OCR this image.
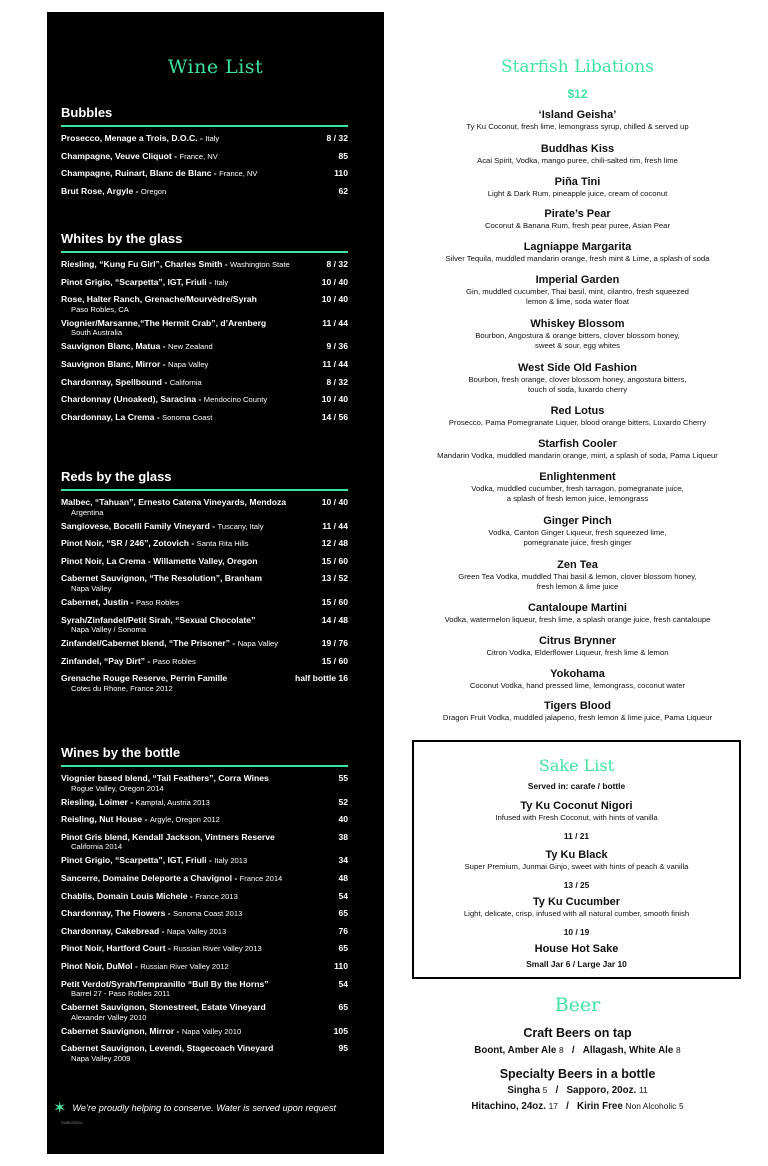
Wine List
Bubbles
Prosecco, Menage a Trois, D.O.C. - Italy	8 / 32
Champagne, Veuve Cliquot - France, NV	85
Champagne, Ruinart, Blanc de Blanc - France, NV	110
Brut Rose, Argyle - Oregon	62
Whites by the glass
Riesling, “Kung Fu Girl”, Charles Smith - Washington State	8 / 32
Pinot Grigio, “Scarpetta”, IGT, Friuli - Italy	10 / 40
Rose, Halter Ranch, Grenache/Mourvèdre/Syrah	10 / 40
Paso Robles, CA
Viognier/Marsanne,“The Hermit Crab”, d’Arenberg	11 / 44
South Australia
Sauvignon Blanc, Matua - New Zealand	9 / 36
Sauvignon Blanc, Mirror - Napa Valley	11 / 44
Chardonnay, Spellbound - California	8 / 32
Chardonnay (Unoaked), Saracina - Mendocino County	10 / 40
Chardonnay, La Crema - Sonoma Coast	14 / 56
Reds by the glass
Malbec, “Tahuan”, Ernesto Catena Vineyards, Mendoza	10 / 40
Argentina
Sangiovese, Bocelli Family Vineyard - Tuscany, Italy	11 / 44
Pinot Noir, “SR / 246”, Zotovich - Santa Rita Hills	12 / 48
Pinot Noir, La Crema - Willamette Valley, Oregon	15 / 60
Cabernet Sauvignon, “The Resolution”, Branham	13 / 52
Napa Valley
Cabernet, Justin - Paso Robles	15 / 60
Syrah/Zinfandel/Petit Sirah, “Sexual Chocolate”	14 / 48
Napa Valley / Sonoma
Zinfandel/Cabernet blend, “The Prisoner” - Napa Valley	19 / 76
Zinfandel, “Pay Dirt” - Paso Robles	15 / 60
Grenache Rouge Reserve, Perrin Famille	half bottle 16
Cotes du Rhone, France 2012
Wines by the bottle
Viognier based blend, “Tail Feathers”, Corra Wines	55
Rogue Valley, Oregon 2014
Riesling, Loimer - Kamptal, Austria 2013	52
Reisling, Nut House - Argyle, Oregon 2012	40
Pinot Gris blend, Kendall Jackson, Vintners Reserve	38
California 2014
Pinot Grigio, “Scarpetta”, IGT, Friuli - Italy 2013	34
Sancerre, Domaine Deleporte a Chavignol - France 2014	48
Chablis, Domain Louis Michele - France 2013	54
Chardonnay, The Flowers - Sonoma Coast 2013	65
Chardonnay, Cakebread - Napa Valley 2013	76
Pinot Noir, Hartford Court - Russian River Valley 2013	65
Pinot Noir, DuMol - Russian River Valley 2012	110
Petit Verdot/Syrah/Tempranillo “Bull By the Horns”	54
Barrel 27 - Paso Robles 2011
Cabernet Sauvignon, Stonestreet, Estate Vineyard	65
Alexander Valley 2010
Cabernet Sauvignon, Mirror - Napa Valley 2010	105
Cabernet Sauvignon, Levendi, Stagecoach Vineyard	95
Napa Valley 2009
✶ We’re proudly helping to conserve. Water is served upon request
SUB020316
Starfish Libations
$12
‘Island Geisha’
Ty Ku Coconut, fresh lime, lemongrass syrup, chilled & served up
Buddhas Kiss
Acai Spirit, Vodka, mango puree, chili-salted rim, fresh lime
Piña Tini
Light & Dark Rum, pineapple juice, cream of coconut
Pirate’s Pear
Coconut & Banana Rum, fresh pear puree, Asian Pear
Lagniappe Margarita
Silver Tequila, muddled mandarin orange, fresh mint & Lime, a splash of soda
Imperial Garden
Gin, muddled cucumber, Thai basil, mint, cilantro, fresh squeezed
lemon & lime, soda water float
Whiskey Blossom
Bourbon, Angostura & orange bitters, clover blossom honey,
sweet & sour, egg whites
West Side Old Fashion
Bourbon, fresh orange, clover blossom honey, angostura bitters,
touch of soda, luxardo cherry
Red Lotus
Prosecco, Pama Pomegranate Liquer, blood orange bitters, Luxardo Cherry
Starfish Cooler
Mandarin Vodka, muddled mandarin orange, mint, a splash of soda, Pama Liqueur
Enlightenment
Vodka, muddled cucumber, fresh tarragon, pomegranate juice,
a splash of fresh lemon juice, lemongrass
Ginger Pinch
Vodka, Canton Ginger Liqueur, fresh squeezed lime,
pomegranate juice, fresh ginger
Zen Tea
Green Tea Vodka, muddled Thai basil & lemon, clover blossom honey,
fresh lemon & lime juice
Cantaloupe Martini
Vodka, watermelon liqueur, fresh lime, a splash orange juice, fresh cantaloupe
Citrus Brynner
Citron Vodka, Elderflower Liqueur, fresh lime & lemon
Yokohama
Coconut Vodka, hand pressed lime, lemongrass, coconut water
Tigers Blood
Dragon Fruit Vodka, muddled jalapeno, fresh lemon & lime juice, Pama Liqueur
Sake List
Served in: carafe / bottle
Ty Ku Coconut Nigori
Infused with Fresh Coconut, with hints of vanilla
11 / 21
Ty Ku Black
Super Premium, Junmai Ginjo, sweet with hints of peach & vanilla
13 / 25
Ty Ku Cucumber
Light, delicate, crisp, infused with all natural cumber, smooth finish
10 / 19
House Hot Sake
Small Jar 6 / Large Jar 10
Beer
Craft Beers on tap
Boont, Amber Ale 8 / Allagash, White Ale 8
Specialty Beers in a bottle
Singha 5 / Sapporo, 20oz. 11
Hitachino, 24oz. 17 / Kirin Free Non Alcoholic 5
